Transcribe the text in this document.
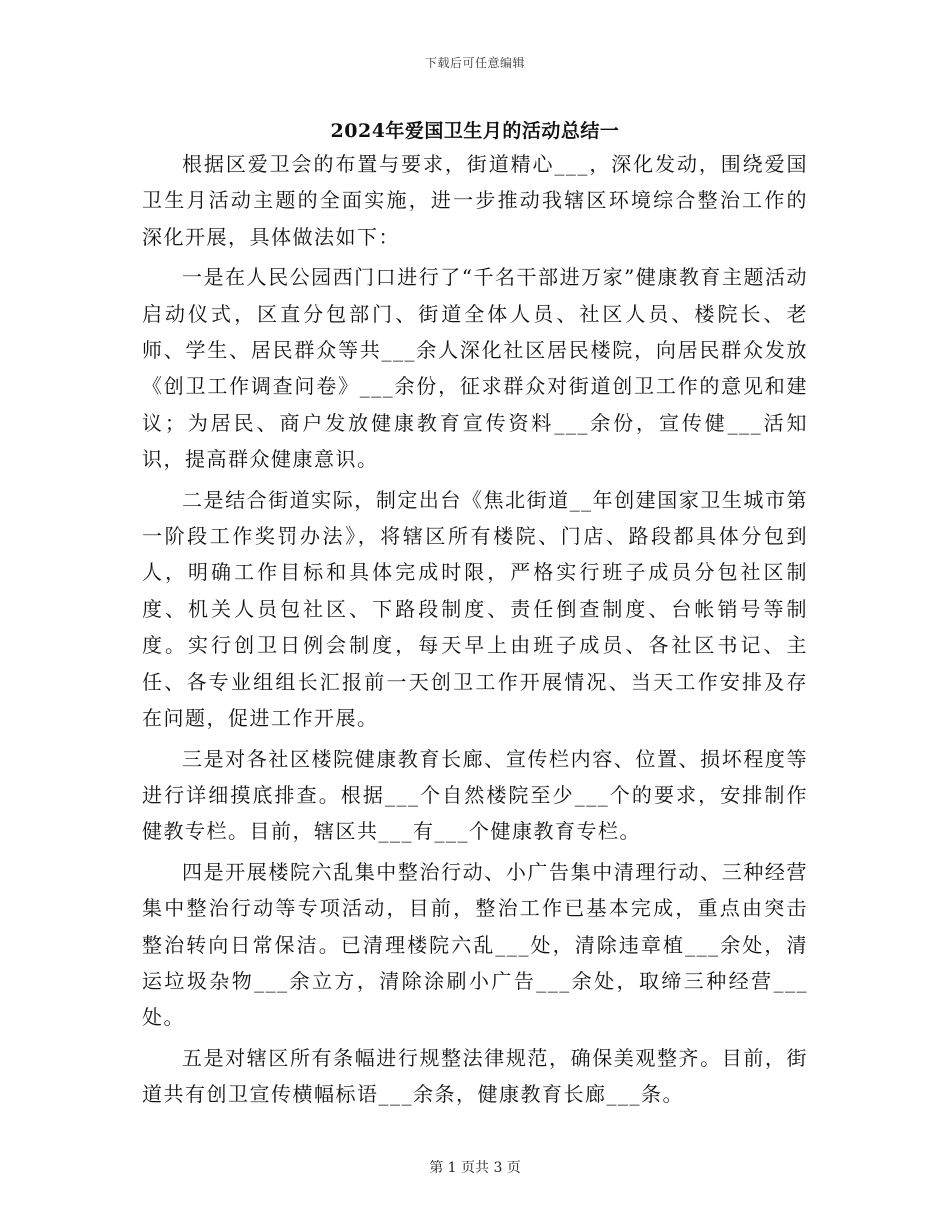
下载后可任意编辑
2024年爱国卫生月的活动总结一

根据区爱卫会的布置与要求，街道精心___，深化发动，围绕爱国卫生月活动主题的全面实施，进一步推动我辖区环境综合整治工作的深化开展，具体做法如下：

一是在人民公园西门口进行了“千名干部进万家”健康教育主题活动启动仪式，区直分包部门、街道全体人员、社区人员、楼院长、老师、学生、居民群众等共___余人深化社区居民楼院，向居民群众发放《创卫工作调查问卷》___余份，征求群众对街道创卫工作的意见和建议；为居民、商户发放健康教育宣传资料___余份，宣传健___活知识，提高群众健康意识。

二是结合街道实际，制定出台《焦北街道__年创建国家卫生城市第一阶段工作奖罚办法》，将辖区所有楼院、门店、路段都具体分包到人，明确工作目标和具体完成时限，严格实行班子成员分包社区制度、机关人员包社区、下路段制度、责任倒查制度、台帐销号等制度。实行创卫日例会制度，每天早上由班子成员、各社区书记、主任、各专业组组长汇报前一天创卫工作开展情况、当天工作安排及存在问题，促进工作开展。

三是对各社区楼院健康教育长廊、宣传栏内容、位置、损坏程度等进行详细摸底排查。根据___个自然楼院至少___个的要求，安排制作健教专栏。目前，辖区共___有___个健康教育专栏。

四是开展楼院六乱集中整治行动、小广告集中清理行动、三种经营集中整治行动等专项活动，目前，整治工作已基本完成，重点由突击整治转向日常保洁。已清理楼院六乱___处，清除违章植___余处，清运垃圾杂物___余立方，清除涂刷小广告___余处，取缔三种经营___处。

五是对辖区所有条幅进行规整法律规范，确保美观整齐。目前，街道共有创卫宣传横幅标语___余条，健康教育长廊___条。

第 1 页共 3 页
